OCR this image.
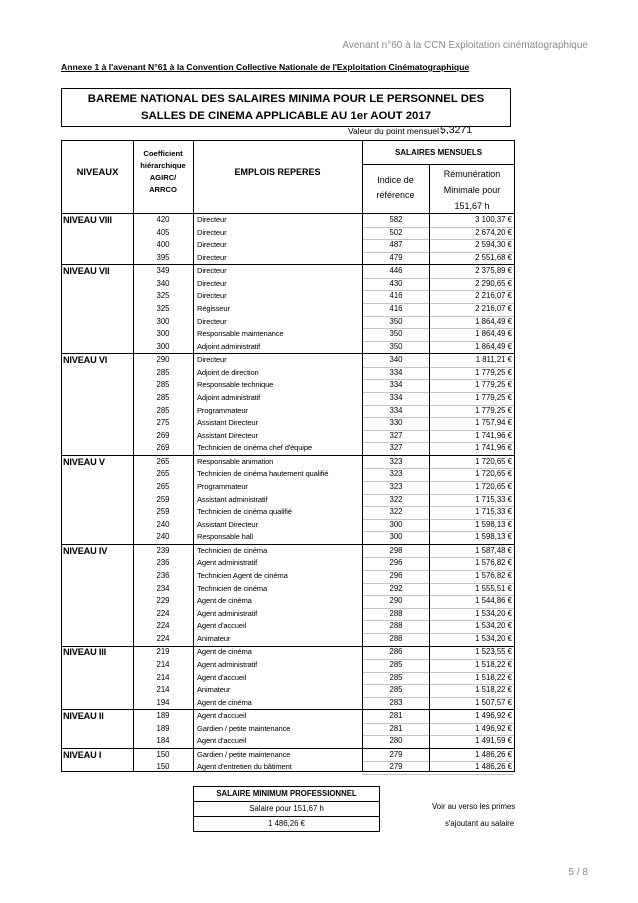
Avenant n°60 à la CCN Exploitation cinématographique
Annexe 1 à l'avenant N°61 à la Convention Collective Nationale de l'Exploitation Cinématographique
BAREME NATIONAL DES SALAIRES MINIMA POUR LE PERSONNEL DES
SALLES DE CINEMA APPLICABLE AU 1er AOUT 2017
Valeur du point mensuel :
5,3271
NIVEAUX
Coefficient
hiérarchique
AGIRC/
ARRCO
EMPLOIS REPERES
SALAIRES MENSUELS
Indice de
référence
Rémunération
Minimale pour
151,67 h
NIVEAU VIII	420	Directeur	582	3 100,37 €
405	Directeur	502	2 674,20 €
400	Directeur	487	2 594,30 €
395	Directeur	479	2 551,68 €
NIVEAU VII	349	Directeur	446	2 375,89 €
340	Directeur	430	2 290,65 €
325	Directeur	416	2 216,07 €
325	Régisseur	416	2 216,07 €
300	Directeur	350	1 864,49 €
300	Responsable maintenance	350	1 864,49 €
300	Adjoint administratif	350	1 864,49 €
NIVEAU VI	290	Directeur	340	1 811,21 €
285	Adjoint de direction	334	1 779,25 €
285	Responsable technique	334	1 779,25 €
285	Adjoint administratif	334	1 779,25 €
285	Programmateur	334	1 779,25 €
275	Assistant Directeur	330	1 757,94 €
269	Assistant Directeur	327	1 741,96 €
269	Technicien de cinéma chef d'équipe	327	1 741,96 €
NIVEAU V	265	Responsable animation	323	1 720,65 €
265	Technicien de cinéma hautement qualifié	323	1 720,65 €
265	Programmateur	323	1 720,65 €
259	Assistant administratif	322	1 715,33 €
259	Technicien de cinéma qualifié	322	1 715,33 €
240	Assistant Directeur	300	1 598,13 €
240	Responsable hall	300	1 598,13 €
NIVEAU IV	239	Technicien de cinéma	298	1 587,48 €
236	Agent administratif	296	1 576,82 €
236	Technicien Agent de cinéma	296	1 576,82 €
234	Technicien de cinéma	292	1 555,51 €
229	Agent de cinéma	290	1 544,86 €
224	Agent administratif	288	1 534,20 €
224	Agent d'accueil	288	1 534,20 €
224	Animateur	288	1 534,20 €
NIVEAU III	219	Agent de cinéma	286	1 523,55 €
214	Agent administratif	285	1 518,22 €
214	Agent d'accueil	285	1 518,22 €
214	Animateur	285	1 518,22 €
194	Agent de cinéma	283	1 507,57 €
NIVEAU II	189	Agent d'accueil	281	1 496,92 €
189	Gardien / petite maintenance	281	1 496,92 €
184	Agent d'accueil	280	1 491,59 €
NIVEAU I	150	Gardien / petite maintenance	279	1 486,26 €
150	Agent d'entretien du bâtiment	279	1 486,26 €
SALAIRE MINIMUM PROFESSIONNEL
Salaire pour 151,67 h
1 486,26 €
Voir au verso les primes
s'ajoutant au salaire
5 / 8
